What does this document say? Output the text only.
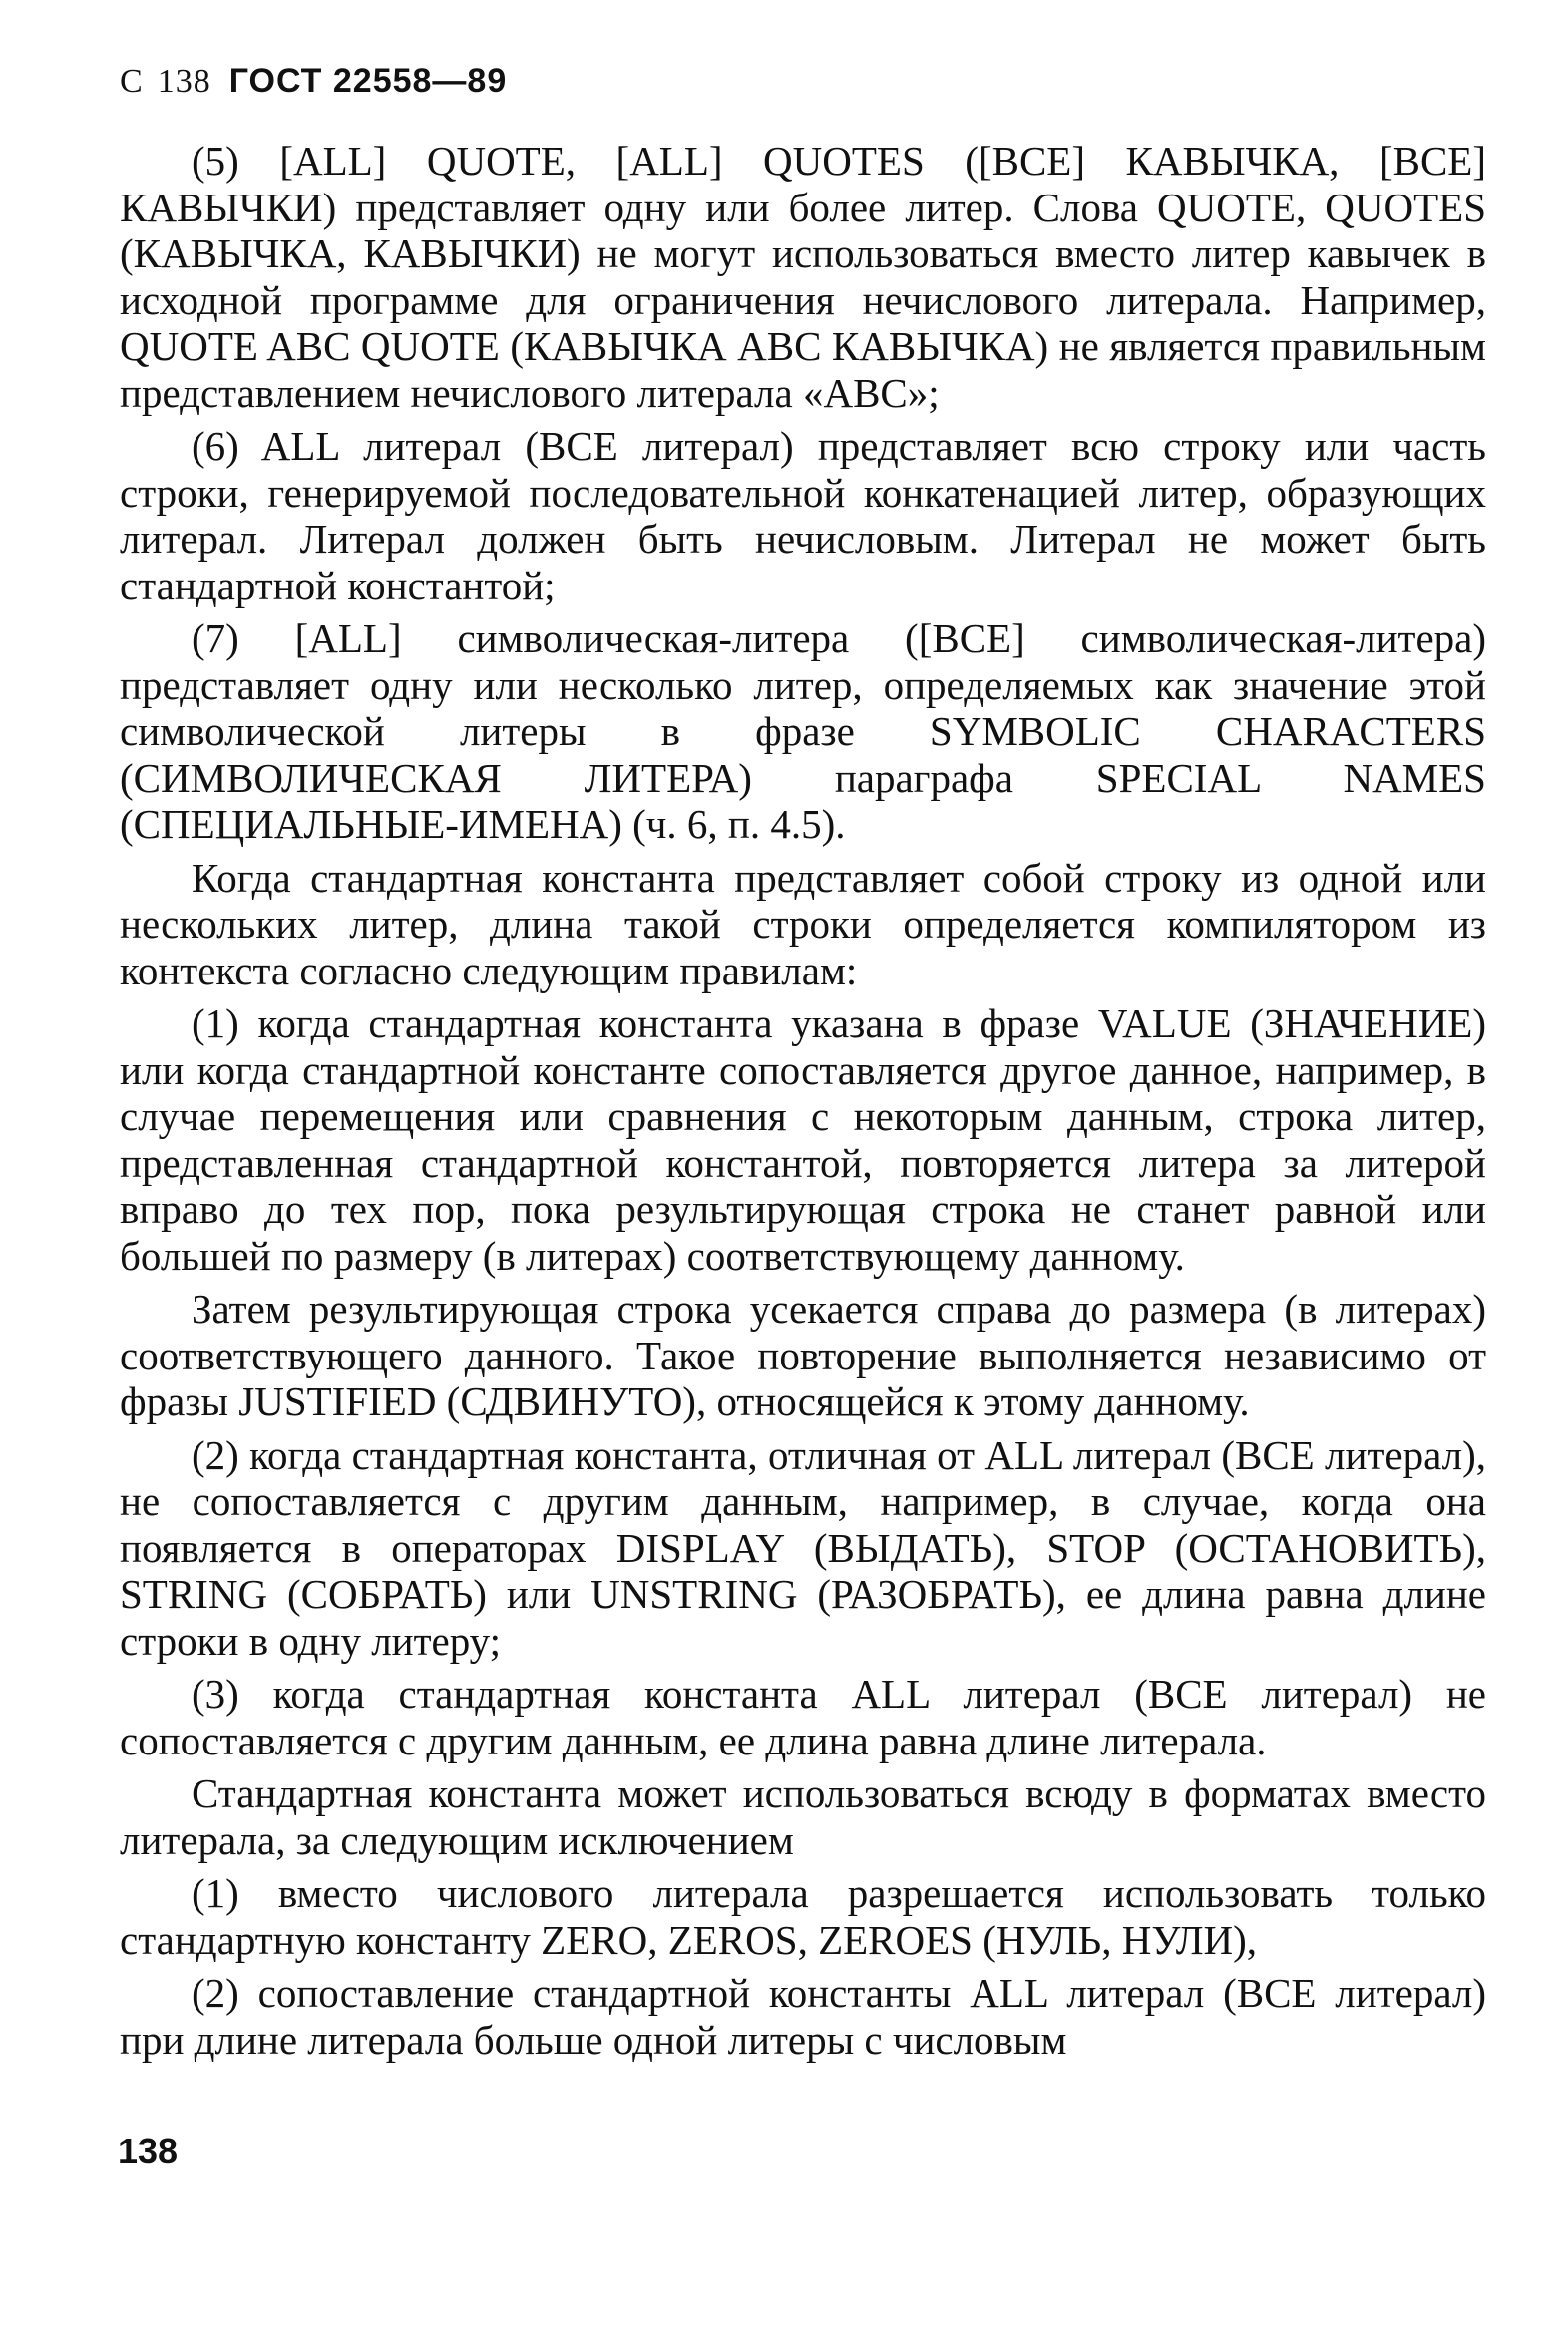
С 138 ГОСТ 22558—89

(5) [ALL] QUOTE, [ALL] QUOTES ([ВСЕ] КАВЫЧКА, [ВСЕ] КАВЫЧКИ) представляет одну или более литер. Слова QUOTE, QUOTES (КАВЫЧКА, КАВЫЧКИ) не могут использоваться вместо литер кавычек в исходной программе для ограничения нечислового литерала. Например, QUOTE ABC QUOTE (КАВЫЧКА ABC КАВЫЧКА) не является правильным представлением нечислового литерала «ABC»;

(6) ALL литерал (ВСЕ литерал) представляет всю строку или часть строки, генерируемой последовательной конкатенацией литер, образующих литерал. Литерал должен быть нечисловым. Литерал не может быть стандартной константой;

(7) [ALL] символическая-литера ([ВСЕ] символическая-литера) представляет одну или несколько литер, определяемых как значение этой символической литеры в фразе SYMBOLIC CHARACTERS (СИМВОЛИЧЕСКАЯ ЛИТЕРА) параграфа SPECIAL NAMES (СПЕЦИАЛЬНЫЕ-ИМЕНА) (ч. 6, п. 4.5).

Когда стандартная константа представляет собой строку из одной или нескольких литер, длина такой строки определяется компилятором из контекста согласно следующим правилам:

(1) когда стандартная константа указана в фразе VALUE (ЗНАЧЕНИЕ) или когда стандартной константе сопоставляется другое данное, например, в случае перемещения или сравнения с некоторым данным, строка литер, представленная стандартной константой, повторяется литера за литерой вправо до тех пор, пока результирующая строка не станет равной или большей по размеру (в литерах) соответствующему данному.

Затем результирующая строка усекается справа до размера (в литерах) соответствующего данного. Такое повторение выполняется независимо от фразы JUSTIFIED (СДВИНУТО), относящейся к этому данному.

(2) когда стандартная константа, отличная от ALL литерал (ВСЕ литерал), не сопоставляется с другим данным, например, в случае, когда она появляется в операторах DISPLAY (ВЫДАТЬ), STOP (ОСТАНОВИТЬ), STRING (СОБРАТЬ) или UNSTRING (РАЗОБРАТЬ), ее длина равна длине строки в одну литеру;

(3) когда стандартная константа ALL литерал (ВСЕ литерал) не сопоставляется с другим данным, ее длина равна длине литерала.

Стандартная константа может использоваться всюду в форматах вместо литерала, за следующим исключением

(1) вместо числового литерала разрешается использовать только стандартную константу ZERO, ZEROS, ZEROES (НУЛЬ, НУЛИ),

(2) сопоставление стандартной константы ALL литерал (ВСЕ литерал) при длине литерала больше одной литеры с числовым

138
